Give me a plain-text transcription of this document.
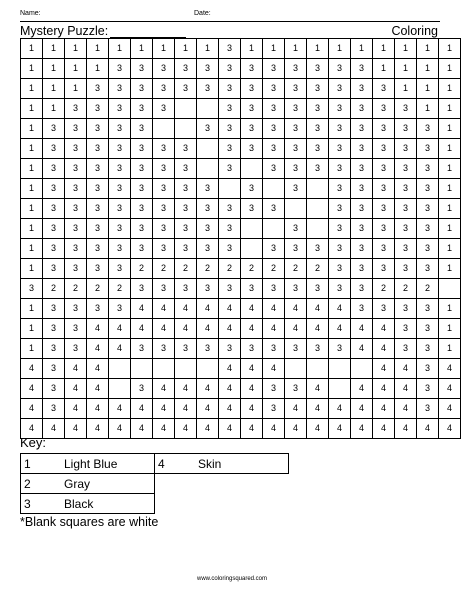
Name:	Date:
Mystery Puzzle:	Coloring
1	1	1	1	1	1	1	1	1	3	1	1	1	1	1	1	1	1	1	1
1	1	1	1	3	3	3	3	3	3	3	3	3	3	3	3	1	1	1	1
1	1	1	3	3	3	3	3	3	3	3	3	3	3	3	3	3	1	1	1
1	1	3	3	3	3	3			3	3	3	3	3	3	3	3	3	1	1
1	3	3	3	3	3			3	3	3	3	3	3	3	3	3	3	3	1
1	3	3	3	3	3	3	3		3	3	3	3	3	3	3	3	3	3	1
1	3	3	3	3	3	3	3		3		3	3	3	3	3	3	3	3	1
1	3	3	3	3	3	3	3	3		3		3		3	3	3	3	3	1
1	3	3	3	3	3	3	3	3	3	3	3			3	3	3	3	3	1
1	3	3	3	3	3	3	3	3	3			3		3	3	3	3	3	1
1	3	3	3	3	3	3	3	3	3		3	3	3	3	3	3	3	3	1
1	3	3	3	3	2	2	2	2	2	2	2	2	2	3	3	3	3	3	1
3	2	2	2	2	3	3	3	3	3	3	3	3	3	3	3	2	2	2	
1	3	3	3	3	4	4	4	4	4	4	4	4	4	4	3	3	3	3	1
1	3	3	4	4	4	4	4	4	4	4	4	4	4	4	4	4	3	3	1
1	3	3	4	4	3	3	3	3	3	3	3	3	3	3	4	4	3	3	1
4	3	4	4						4	4	4					4	4	3	4
4	3	4	4		3	4	4	4	4	4	3	3	4		4	4	4	3	4
4	3	4	4	4	4	4	4	4	4	4	3	4	4	4	4	4	4	3	4
4	4	4	4	4	4	4	4	4	4	4	4	4	4	4	4	4	4	4	4
Key:
1 Light Blue	4 Skin
2 Gray	
3 Black	
*Blank squares are white
www.coloringsquared.com
